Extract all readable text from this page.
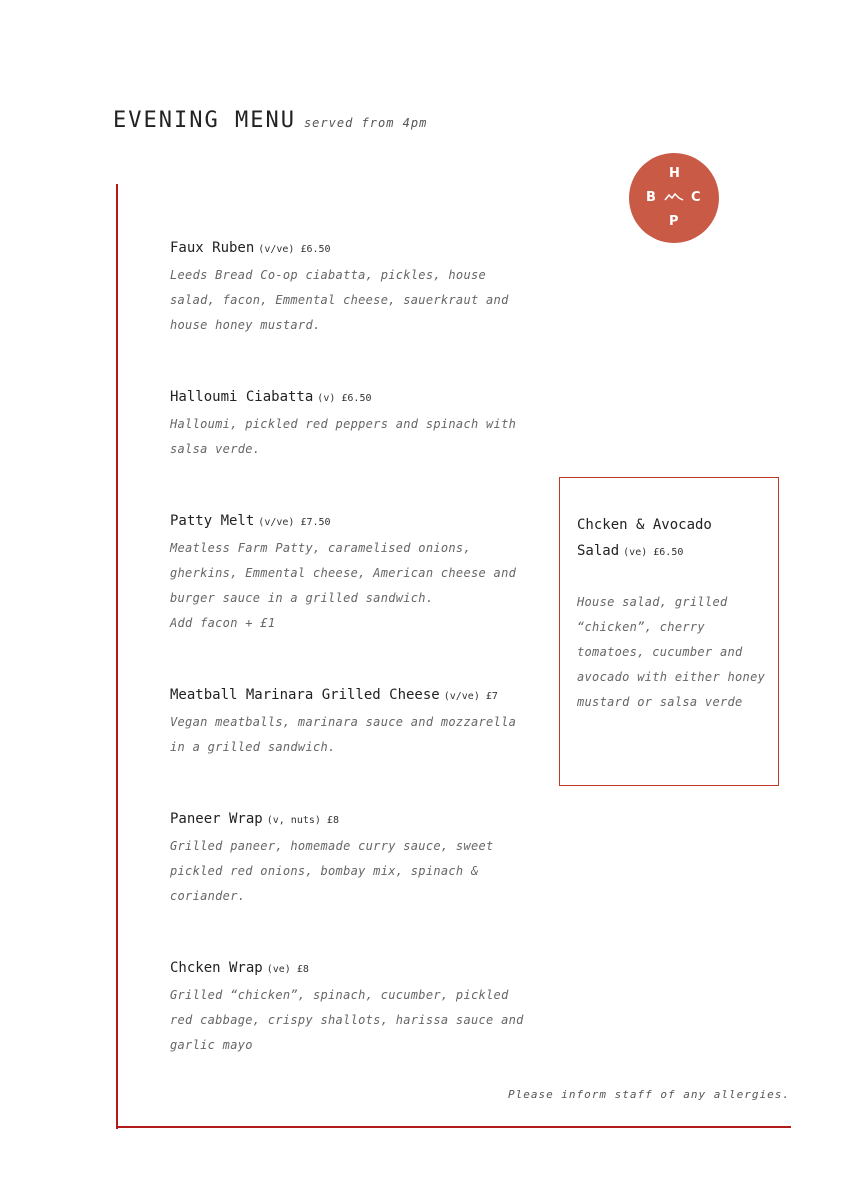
EVENING MENU served from 4pm
H
B	C
P
Faux Ruben (v/ve) £6.50
Leeds Bread Co-op ciabatta, pickles, house salad, facon, Emmental cheese, sauerkraut and house honey mustard.
Halloumi Ciabatta (v) £6.50
Halloumi, pickled red peppers and spinach with salsa verde.
Patty Melt (v/ve) £7.50
Meatless Farm Patty, caramelised onions, gherkins, Emmental cheese, American cheese and burger sauce in a grilled sandwich.
Add facon + £1
Meatball Marinara Grilled Cheese (v/ve) £7
Vegan meatballs, marinara sauce and mozzarella in a grilled sandwich.
Paneer Wrap (v, nuts) £8
Grilled paneer, homemade curry sauce, sweet pickled red onions, bombay mix, spinach & coriander.
Chcken Wrap (ve) £8
Grilled “chicken”, spinach, cucumber, pickled red cabbage, crispy shallots, harissa sauce and garlic mayo
Chcken & Avocado Salad (ve) £6.50
House salad, grilled “chicken”, cherry tomatoes, cucumber and avocado with either honey mustard or salsa verde
Please inform staff of any allergies.
